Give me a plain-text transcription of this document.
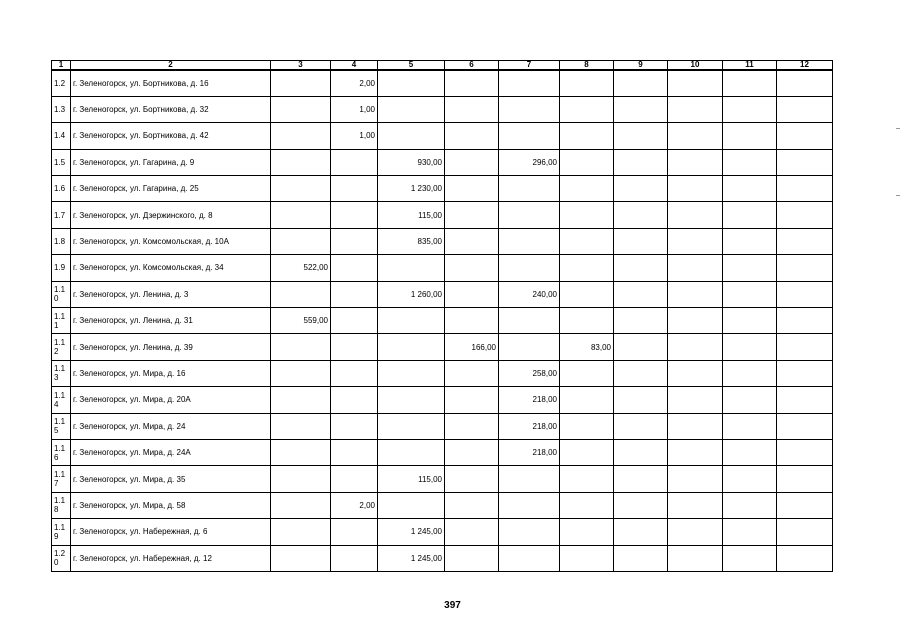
1	2	3	4	5	6	7	8	9	10	11	12
1.2	г. Зеленогорск, ул. Бортникова, д. 16		2,00								
1.3	г. Зеленогорск, ул. Бортникова, д. 32		1,00								
1.4	г. Зеленогорск, ул. Бортникова, д. 42		1,00								
1.5	г. Зеленогорск, ул. Гагарина, д. 9			930,00		296,00					
1.6	г. Зеленогорск, ул. Гагарина, д. 25			1 230,00							
1.7	г. Зеленогорск, ул. Дзержинского, д. 8			115,00							
1.8	г. Зеленогорск, ул. Комсомольская, д. 10А			835,00							
1.9	г. Зеленогорск, ул. Комсомольская, д. 34	522,00									
1.10	г. Зеленогорск, ул. Ленина, д. 3			1 260,00		240,00					
1.11	г. Зеленогорск, ул. Ленина, д. 31	559,00									
1.12	г. Зеленогорск, ул. Ленина, д. 39				166,00		83,00				
1.13	г. Зеленогорск, ул. Мира, д. 16					258,00					
1.14	г. Зеленогорск, ул. Мира, д. 20А					218,00					
1.15	г. Зеленогорск, ул. Мира, д. 24					218,00					
1.16	г. Зеленогорск, ул. Мира, д. 24А					218,00					
1.17	г. Зеленогорск, ул. Мира, д. 35			115,00							
1.18	г. Зеленогорск, ул. Мира, д. 58		2,00								
1.19	г. Зеленогорск, ул. Набережная, д. 6			1 245,00							
1.20	г. Зеленогорск, ул. Набережная, д. 12			1 245,00							
397
